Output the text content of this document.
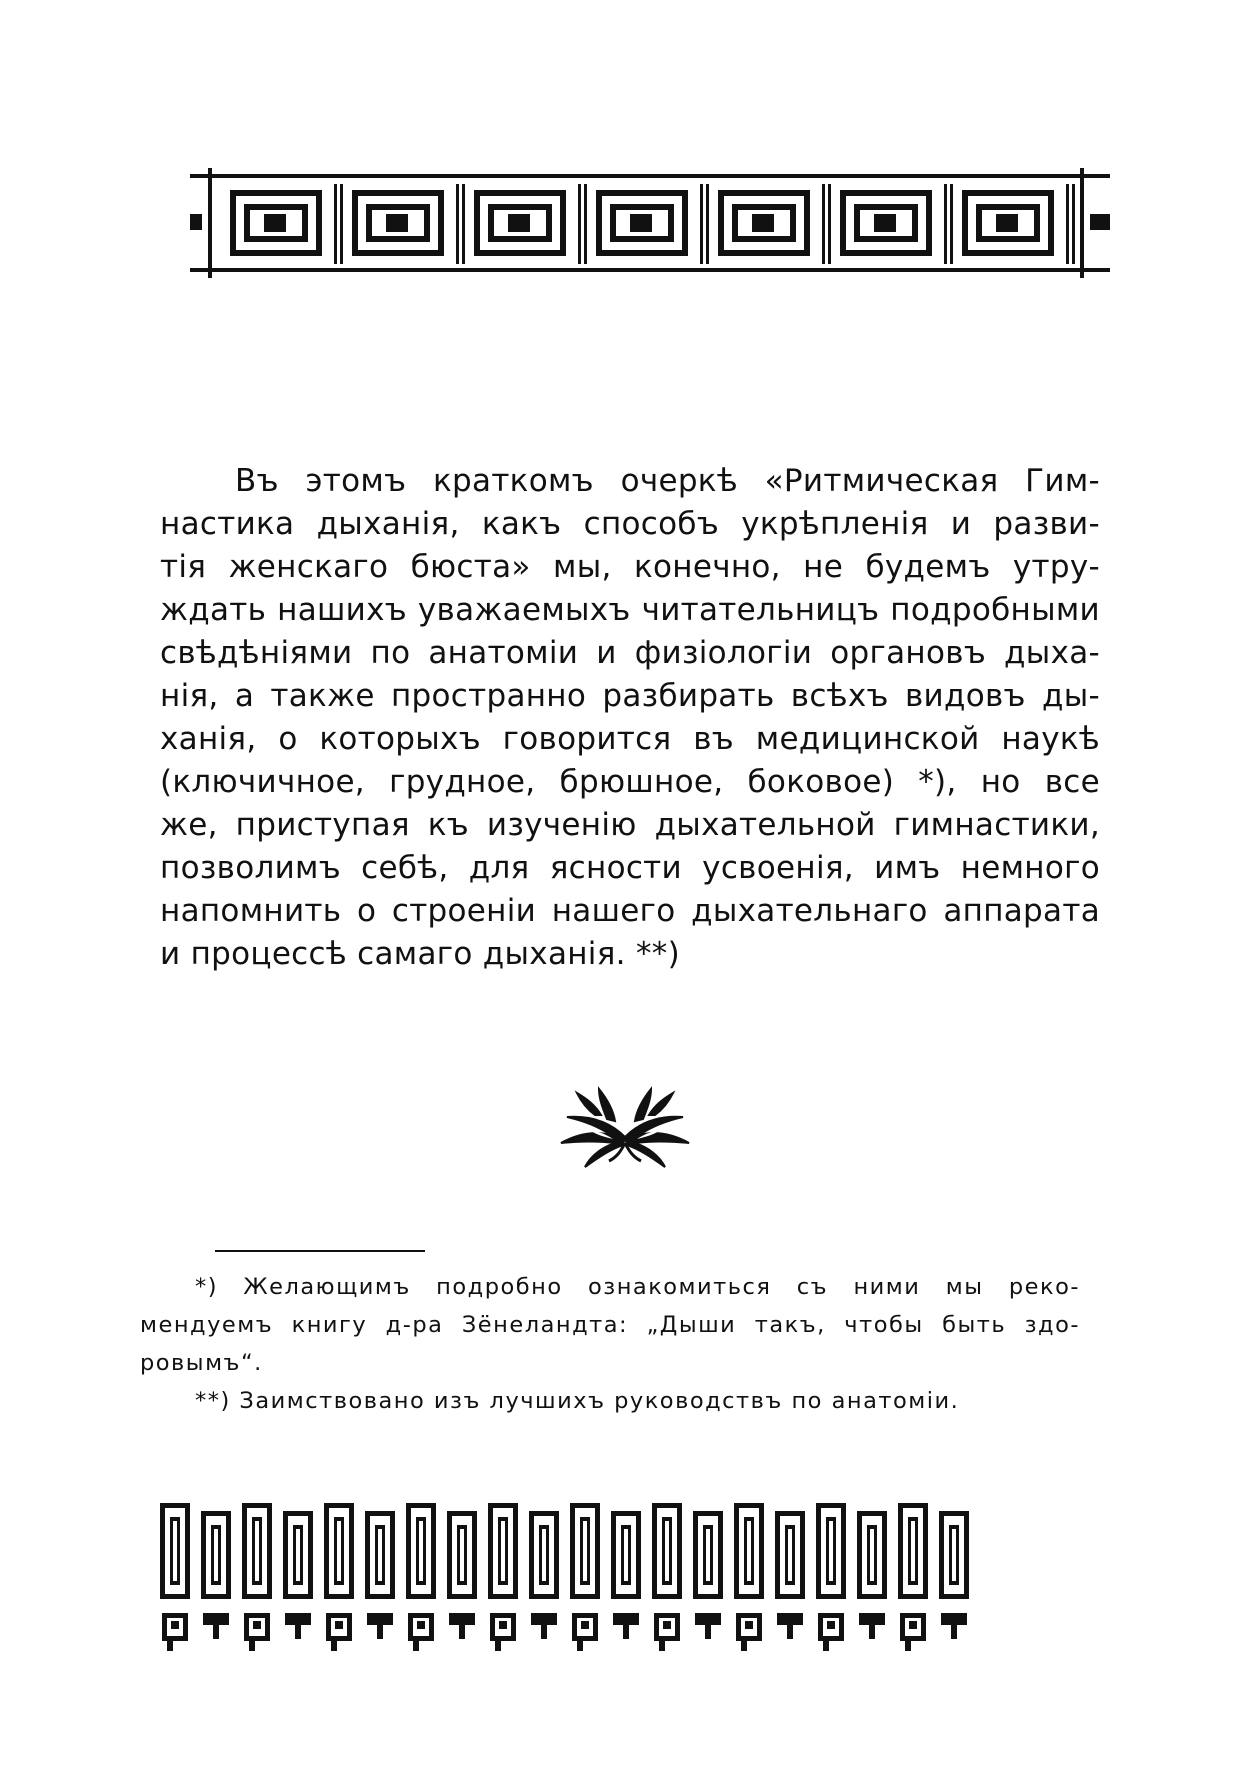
Въ этомъ краткомъ очеркѣ «Ритмическая Гим-
настика дыханія, какъ способъ укрѣпленія и разви-
тія женскаго бюста» мы, конечно, не будемъ утру-
ждать нашихъ уважаемыхъ читательницъ подробными
свѣдѣніями по анатоміи и физіологіи органовъ дыха-
нія, а также пространно разбирать всѣхъ видовъ ды-
ханія, о которыхъ говорится въ медицинской наукѣ
(ключичное, грудное, брюшное, боковое) *), но все
же, приступая къ изученію дыхательной гимнастики,
позволимъ себѣ, для ясности усвоенія, имъ немного
напомнить о строеніи нашего дыхательнаго аппарата
и процессѣ самаго дыханія. **)
*) Желающимъ подробно ознакомиться съ ними мы реко-
мендуемъ книгу д-ра Зёнеландта: „Дыши такъ, чтобы быть здо-
ровымъ“.
**) Заимствовано изъ лучшихъ руководствъ по анатоміи.
